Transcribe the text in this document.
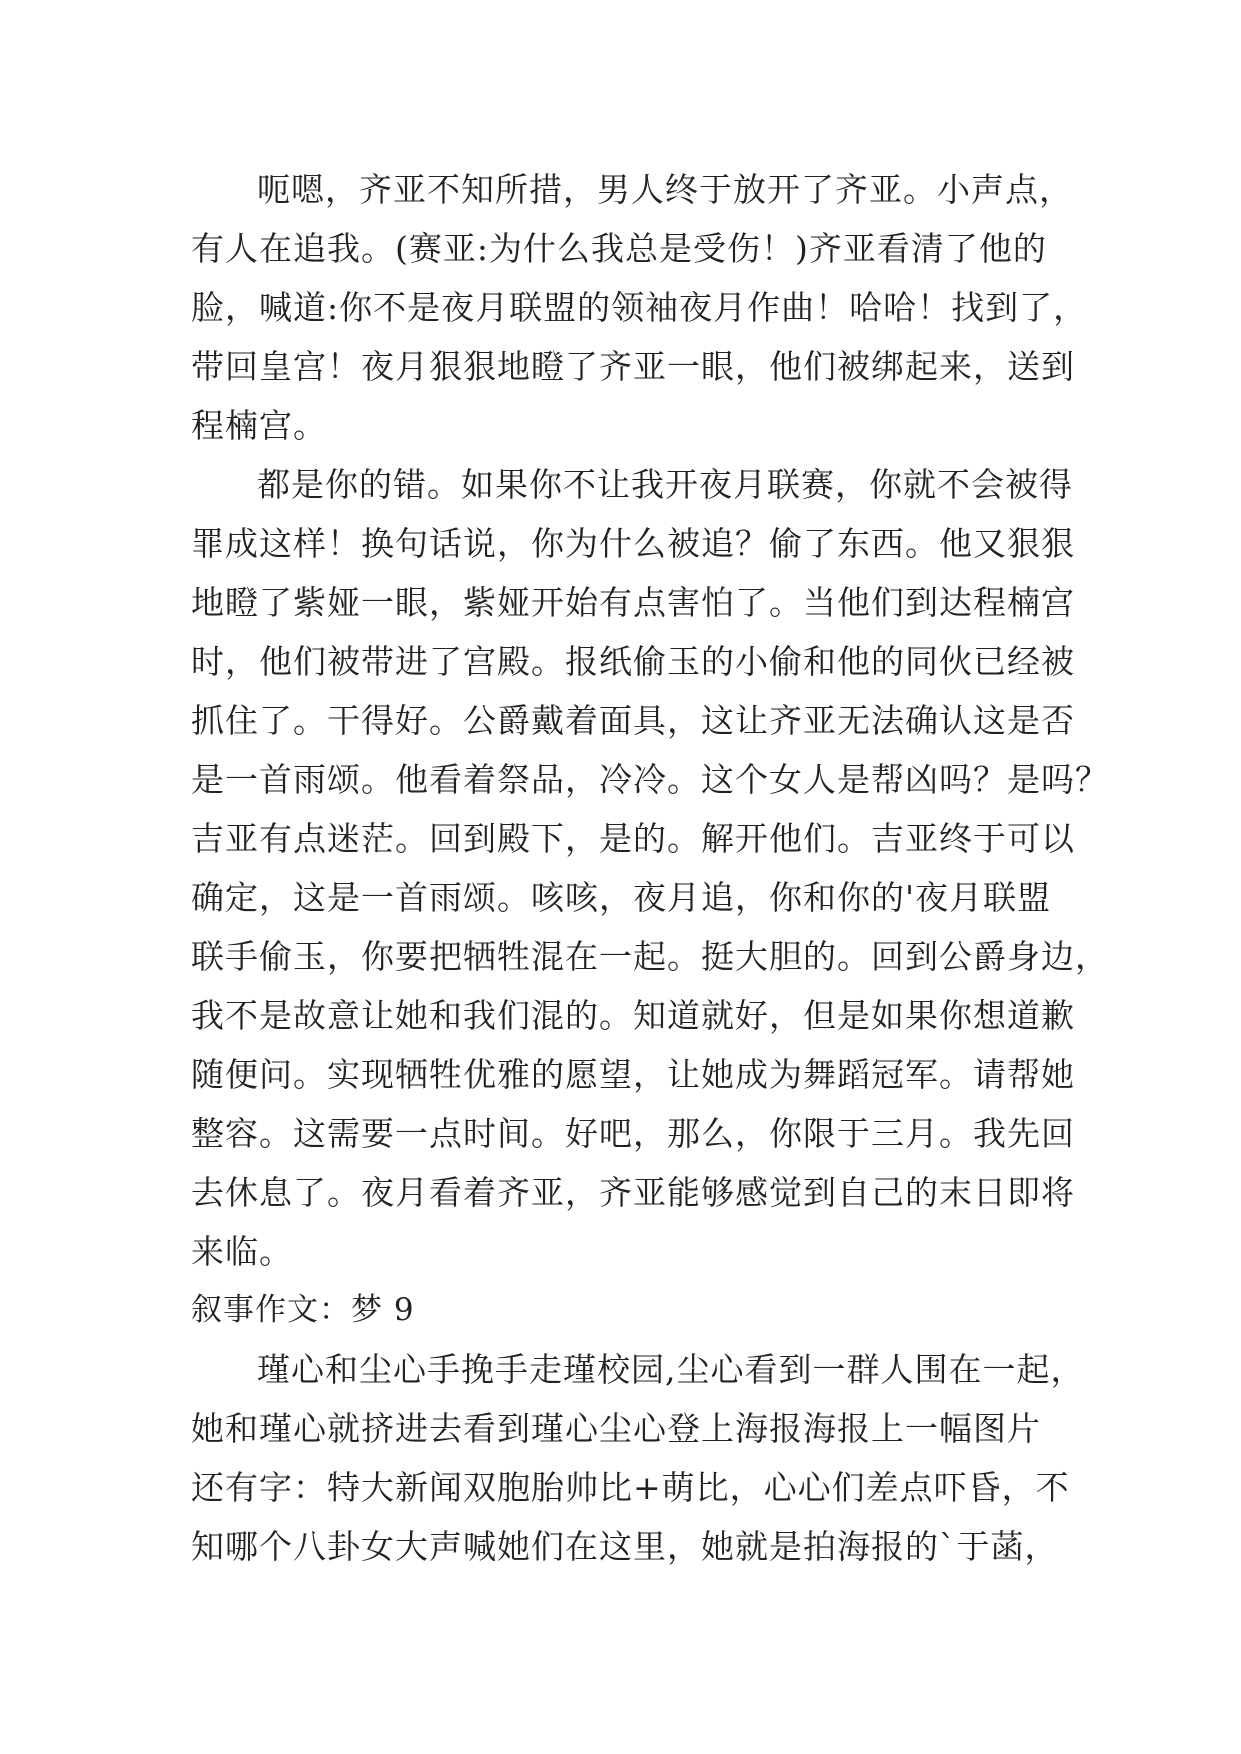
呃嗯，齐亚不知所措，男人终于放开了齐亚。小声点，
有人在追我。(赛亚:为什么我总是受伤！)齐亚看清了他的
脸，喊道:你不是夜月联盟的领袖夜月作曲！哈哈！找到了，
带回皇宫！夜月狠狠地瞪了齐亚一眼，他们被绑起来，送到
程楠宫。
都是你的错。如果你不让我开夜月联赛，你就不会被得
罪成这样！换句话说，你为什么被追？偷了东西。他又狠狠
地瞪了紫娅一眼，紫娅开始有点害怕了。当他们到达程楠宫
时，他们被带进了宫殿。报纸偷玉的小偷和他的同伙已经被
抓住了。干得好。公爵戴着面具，这让齐亚无法确认这是否
是一首雨颂。他看着祭品，冷冷。这个女人是帮凶吗？是吗？
吉亚有点迷茫。回到殿下，是的。解开他们。吉亚终于可以
确定，这是一首雨颂。咳咳，夜月追，你和你的'夜月联盟
联手偷玉，你要把牺牲混在一起。挺大胆的。回到公爵身边，
我不是故意让她和我们混的。知道就好，但是如果你想道歉
随便问。实现牺牲优雅的愿望，让她成为舞蹈冠军。请帮她
整容。这需要一点时间。好吧，那么，你限于三月。我先回
去休息了。夜月看着齐亚，齐亚能够感觉到自己的末日即将
来临。
叙事作文：梦 9
瑾心和尘心手挽手走瑾校园,尘心看到一群人围在一起，
她和瑾心就挤进去看到瑾心尘心登上海报海报上一幅图片
还有字：特大新闻双胞胎帅比+萌比，心心们差点吓昏，不
知哪个八卦女大声喊她们在这里，她就是拍海报的`于菡，
